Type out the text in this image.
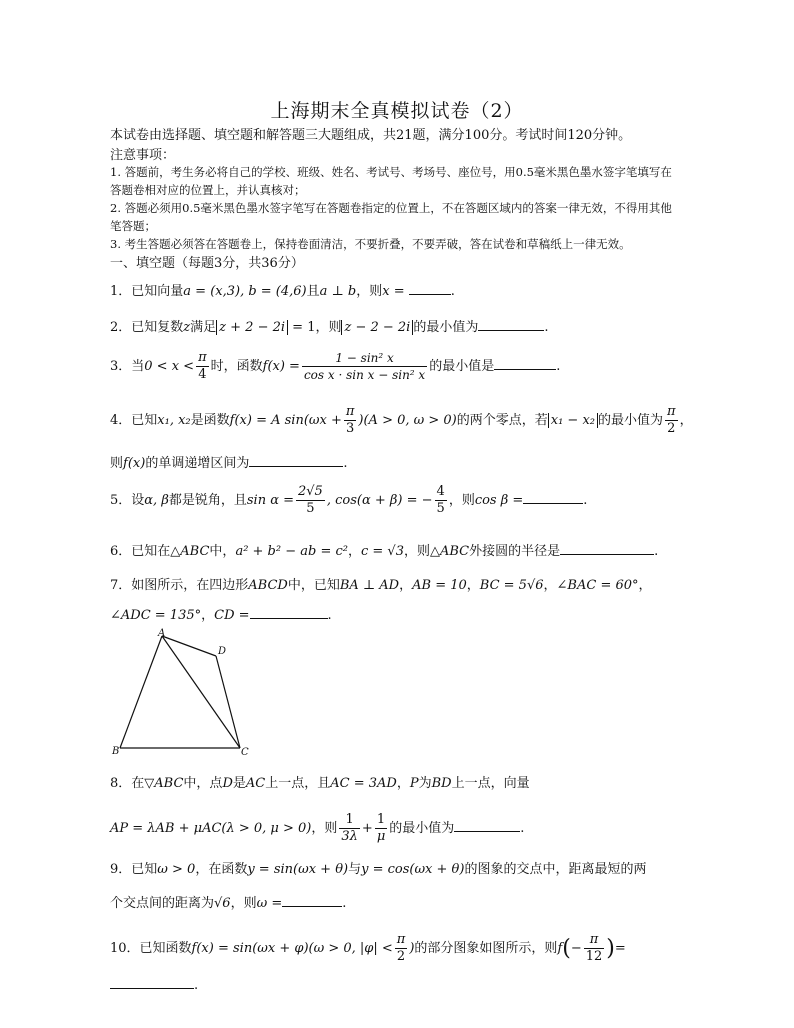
上海期末全真模拟试卷（2）
本试卷由选择题、填空题和解答题三大题组成，共21题，满分100分。考试时间120分钟。
注意事项：
1. 答题前，考生务必将自己的学校、班级、姓名、考试号、考场号、座位号，用0.5毫米黑色墨水签字笔填写在
答题卷相对应的位置上，并认真核对；
2. 答题必须用0.5毫米黑色墨水签字笔写在答题卷指定的位置上，不在答题区域内的答案一律无效，不得用其他
笔答题；
3. 考生答题必须答在答题卷上，保持卷面清洁，不要折叠，不要弄破，答在试卷和草稿纸上一律无效。
一、填空题（每题3分，共36分）
1．已知向量a = (x,3), b = (4,6)且a ⊥ b，则x =	.
2．已知复数z满足 z + 2 − 2i = 1，则 z − 2 − 2i 的最小值为	.
3．当$0 < x < \frac{\pi}{4}$ 时，函数$f(x) = \frac{\text{1 − sin² x}}{\text{cos x · sin x − sin² x}}$ 的最小值是	.
4．已知x₁, x₂是函数f(x) = A $\sin(\omega x + \frac{\pi}{3} )(A > 0$, ω > 0)的两个零点，若 x₁ − x₂ 的最小值为 $\frac{\pi}{2}$ ，
则f(x)的单调递增区间为	.
5．设α, β都是锐角，且$\sin \alpha = \frac{2√5}{5}$ , cos(α + β) = − $\frac{4}{5}$ ，则cos β =	.
6．已知在△ABC中，a² + b² − ab = c²，c = √3，则△ABC外接圆的半径是	.
7．如图所示，在四边形ABCD中，已知BA ⊥ AD，AB = 10，BC = 5√6，∠BAC = 60°，
∠ADC = 135°，CD =	.
A
D
B	C
8．在▽ABC中，点D是AC上一点，且AC = 3AD，P为BD上一点，向量
AP = λAB + μAC(λ > 0, μ > 0)，则 $\frac{1}{3\lambda} + \frac{1}{\mu}$ 的最小值为	.
9．已知ω > 0，在函数y = sin(ωx + θ)与y = cos(ωx + θ)的图象的交点中，距离最短的两
个交点间的距离为√6，则ω =	.
10．已知函数f(x) = sin(ωx + φ)(ω > 0, $|\varphi| < \frac{\pi}{2}$ )的部分图象如图所示，则$f(- \frac{\pi}{12}$ )=
.
